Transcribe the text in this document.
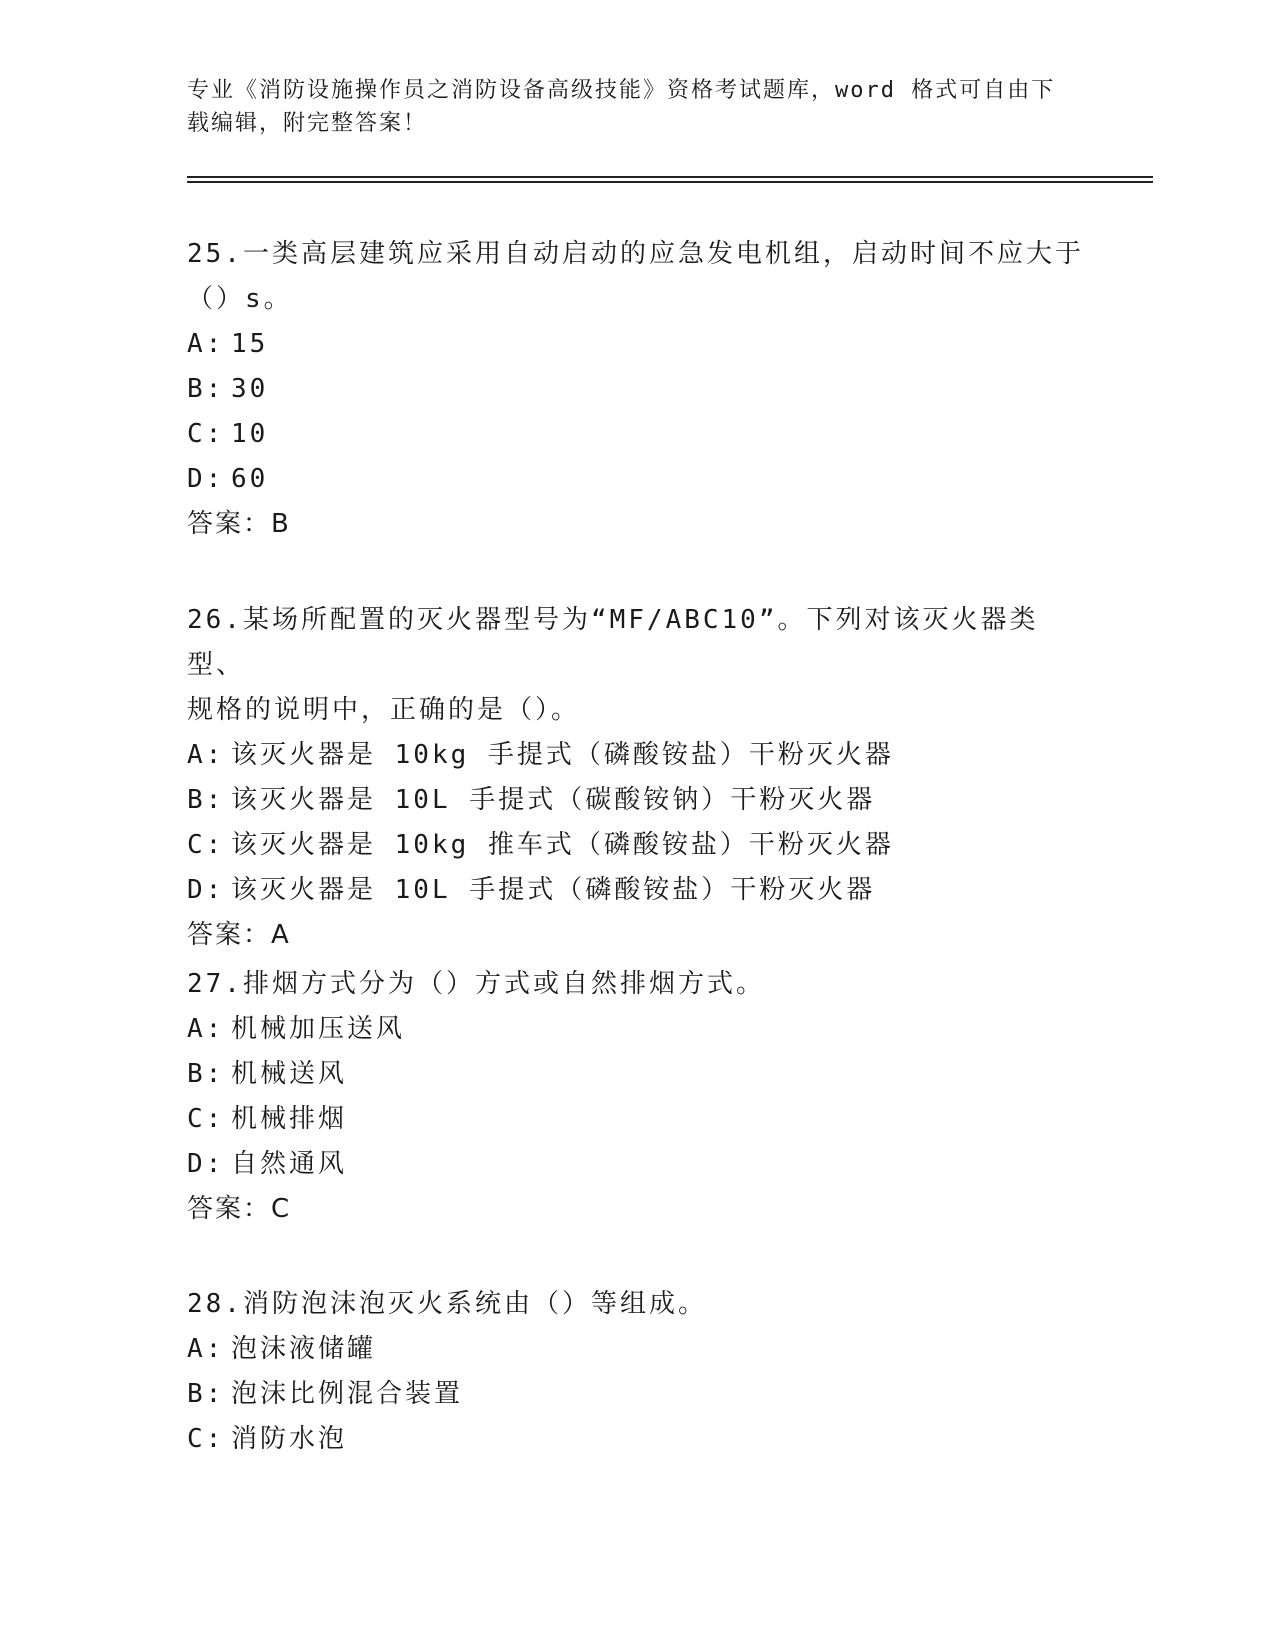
专业《消防设施操作员之消防设备高级技能》资格考试题库，word 格式可自由下
载编辑，附完整答案！
25.一类高层建筑应采用自动启动的应急发电机组，启动时间不应大于
（）s。
A: 15
B: 30
C: 10
D: 60
答案：B
26.某场所配置的灭火器型号为“MF/ABC10”。下列对该灭火器类型、
规格的说明中，正确的是（）。
A: 该灭火器是 10kg 手提式（磷酸铵盐）干粉灭火器
B: 该灭火器是 10L 手提式（碳酸铵钠）干粉灭火器
C: 该灭火器是 10kg 推车式（磷酸铵盐）干粉灭火器
D: 该灭火器是 10L 手提式（磷酸铵盐）干粉灭火器
答案：A
27.排烟方式分为（）方式或自然排烟方式。
A: 机械加压送风
B: 机械送风
C: 机械排烟
D: 自然通风
答案：C
28.消防泡沫泡灭火系统由（）等组成。
A: 泡沫液储罐
B: 泡沫比例混合装置
C: 消防水泡
